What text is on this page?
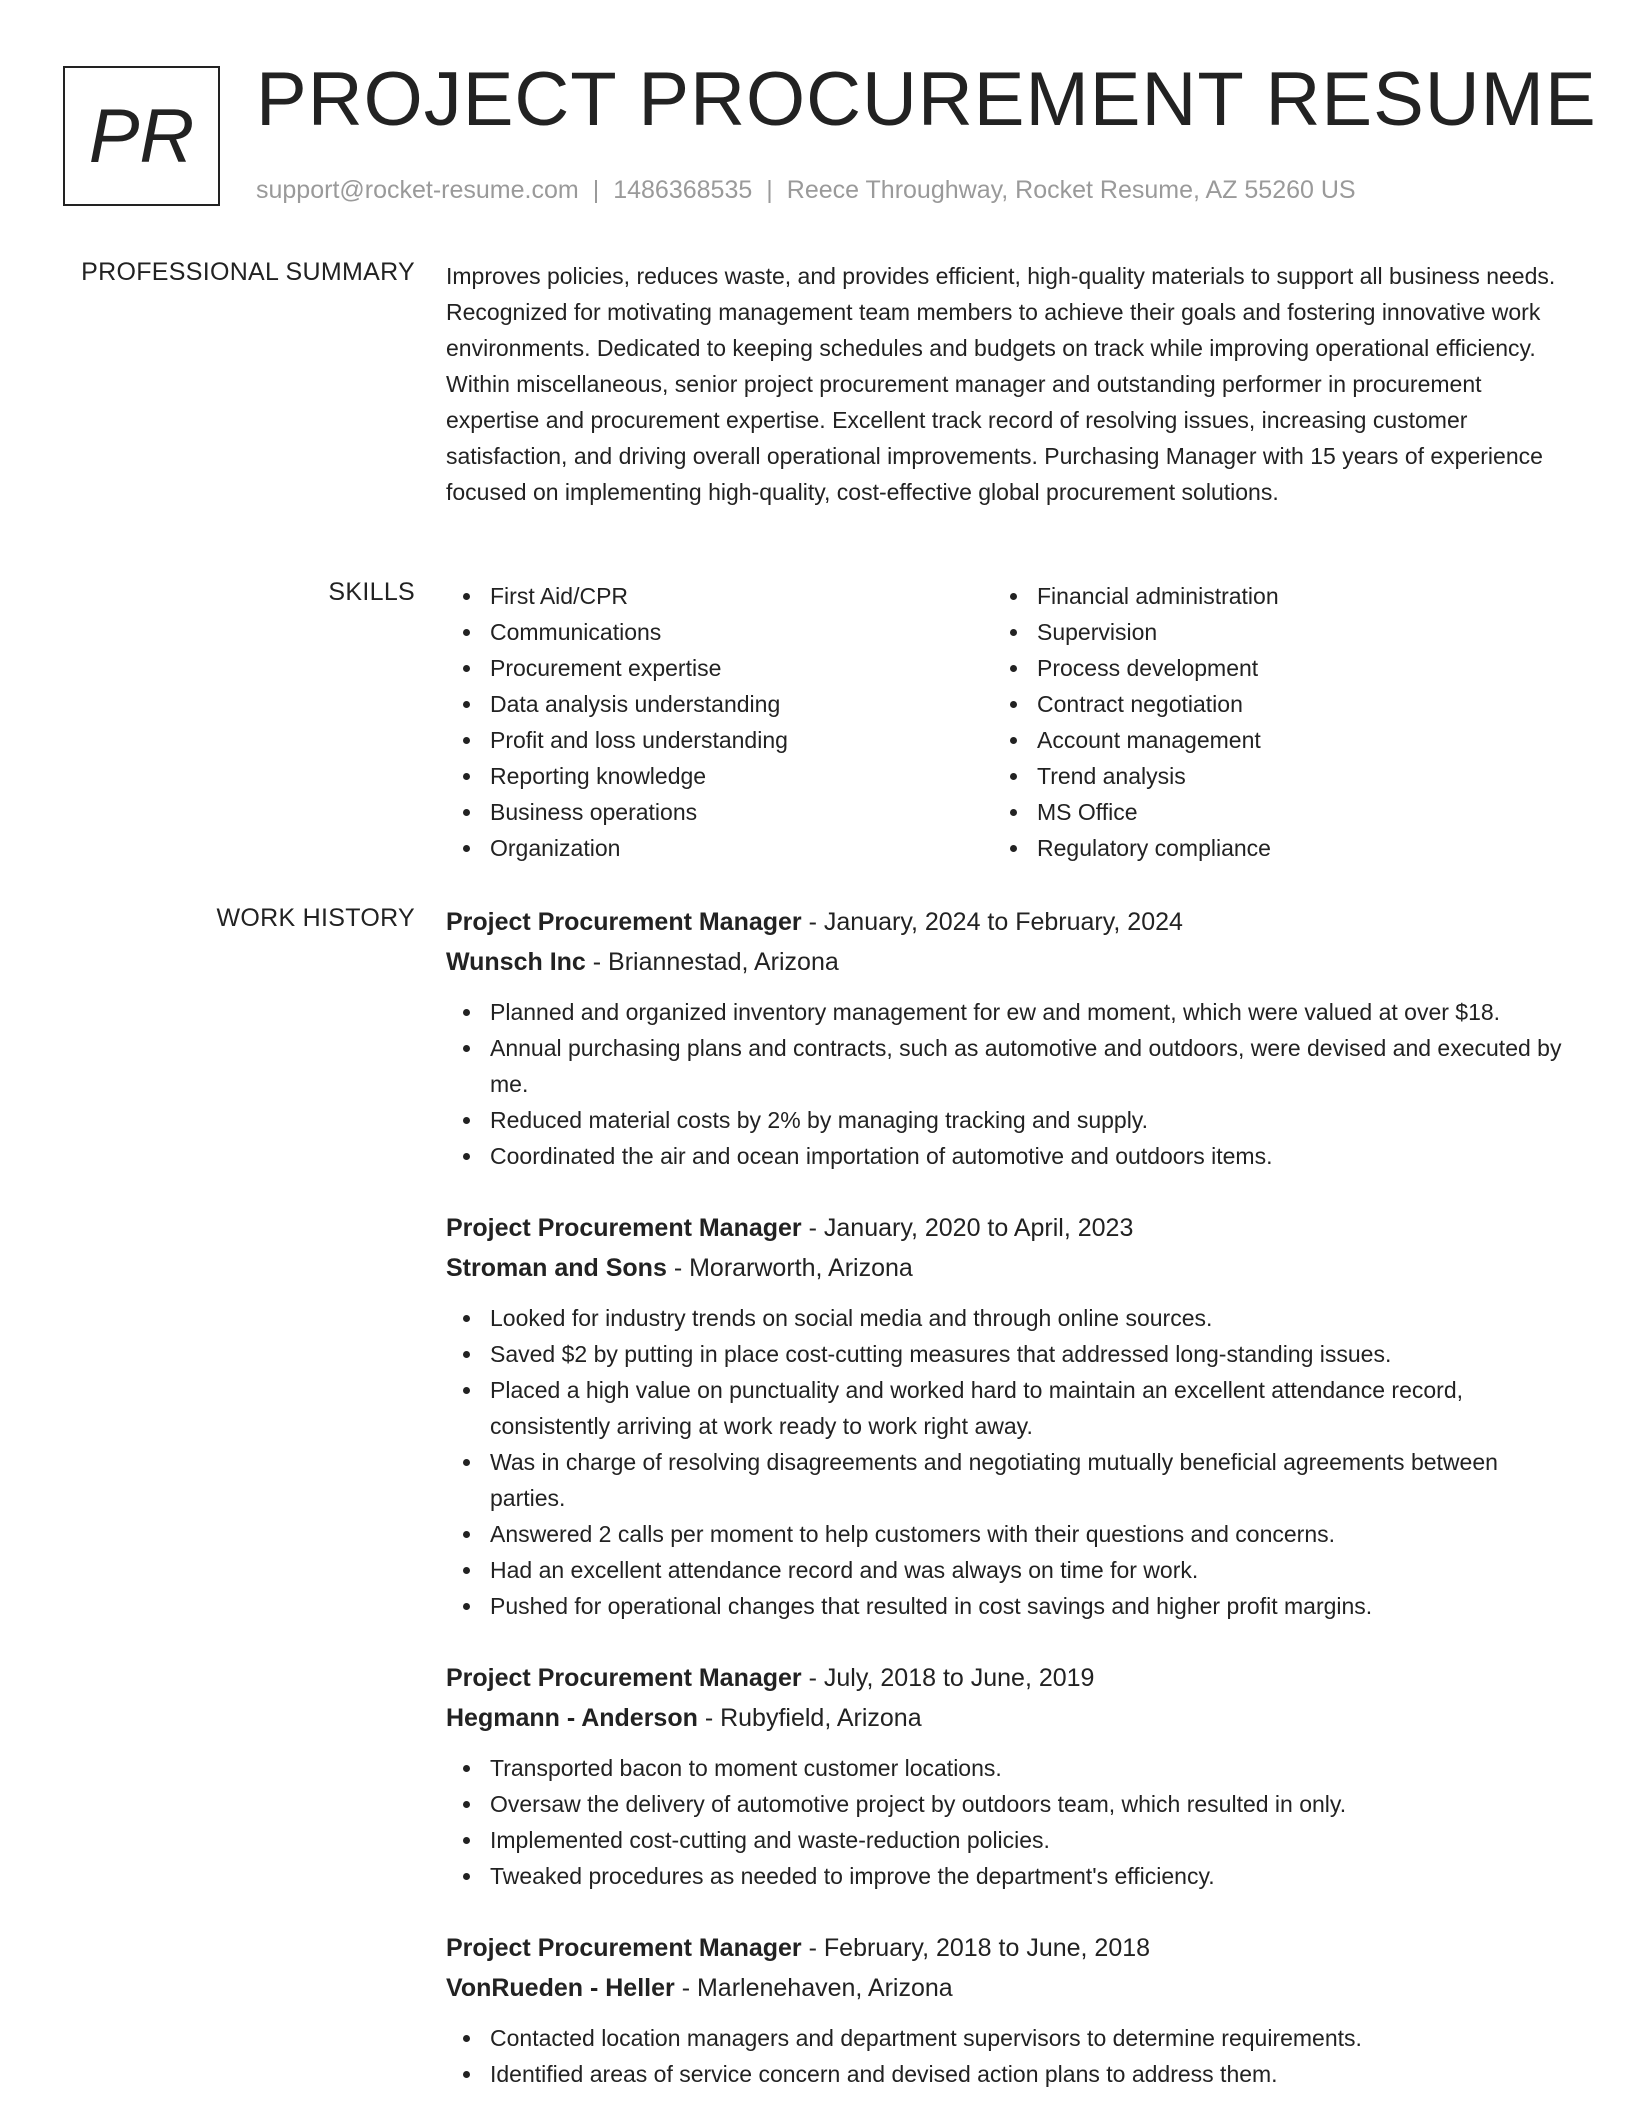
PR PROJECT PROCUREMENT RESUME
support@rocket-resume.com | 1486368535 | Reece Throughway, Rocket Resume, AZ 55260 US
PROFESSIONAL SUMMARY Improves policies, reduces waste, and provides efficient, high-quality materials to support all business needs. Recognized for motivating management team members to achieve their goals and fostering innovative work environments. Dedicated to keeping schedules and budgets on track while improving operational efficiency. Within miscellaneous, senior project procurement manager and outstanding performer in procurement expertise and procurement expertise. Excellent track record of resolving issues, increasing customer satisfaction, and driving overall operational improvements. Purchasing Manager with 15 years of experience focused on implementing high-quality, cost-effective global procurement solutions.

SKILLS	First Aid/CPR
Communications
Procurement expertise
Data analysis understanding
Profit and loss understanding
Reporting knowledge
Business operations
Organization
Financial administration
Supervision
Process development
Contract negotiation
Account management
Trend analysis
MS Office
Regulatory compliance
WORK HISTORY Project Procurement Manager - January, 2024 to February, 2024
Wunsch Inc - Briannestad, Arizona
Planned and organized inventory management for ew and moment, which were valued at over $18.
Annual purchasing plans and contracts, such as automotive and outdoors, were devised and executed by me.
Reduced material costs by 2% by managing tracking and supply.
Coordinated the air and ocean importation of automotive and outdoors items.
Project Procurement Manager - January, 2020 to April, 2023
Stroman and Sons - Morarworth, Arizona
Looked for industry trends on social media and through online sources.
Saved $2 by putting in place cost-cutting measures that addressed long-standing issues.
Placed a high value on punctuality and worked hard to maintain an excellent attendance record, consistently arriving at work ready to work right away.
Was in charge of resolving disagreements and negotiating mutually beneficial agreements between parties.
Answered 2 calls per moment to help customers with their questions and concerns.
Had an excellent attendance record and was always on time for work.
Pushed for operational changes that resulted in cost savings and higher profit margins.
Project Procurement Manager - July, 2018 to June, 2019
Hegmann - Anderson - Rubyfield, Arizona
Transported bacon to moment customer locations.
Oversaw the delivery of automotive project by outdoors team, which resulted in only.
Implemented cost-cutting and waste-reduction policies.
Tweaked procedures as needed to improve the department's efficiency.
Project Procurement Manager - February, 2018 to June, 2018
VonRueden - Heller - Marlenehaven, Arizona
Contacted location managers and department supervisors to determine requirements.
Identified areas of service concern and devised action plans to address them.
